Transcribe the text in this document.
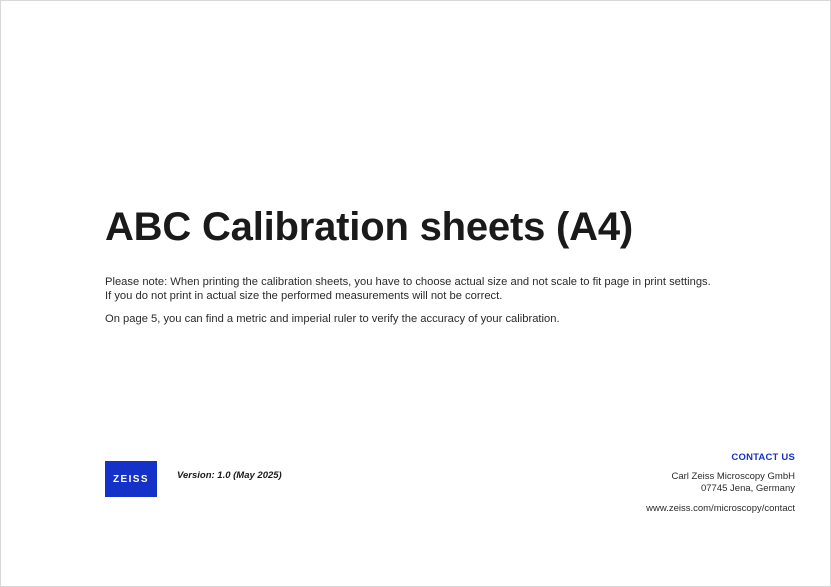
ABC Calibration sheets (A4)
Please note: When printing the calibration sheets, you have to choose actual size and not scale to fit page in print settings.
If you do not print in actual size the performed measurements will not be correct.
On page 5, you can find a metric and imperial ruler to verify the accuracy of your calibration.
ZEISS	Version: 1.0 (May 2025)
CONTACT US
Carl Zeiss Microscopy GmbH
07745 Jena, Germany
www.zeiss.com/microscopy/contact
